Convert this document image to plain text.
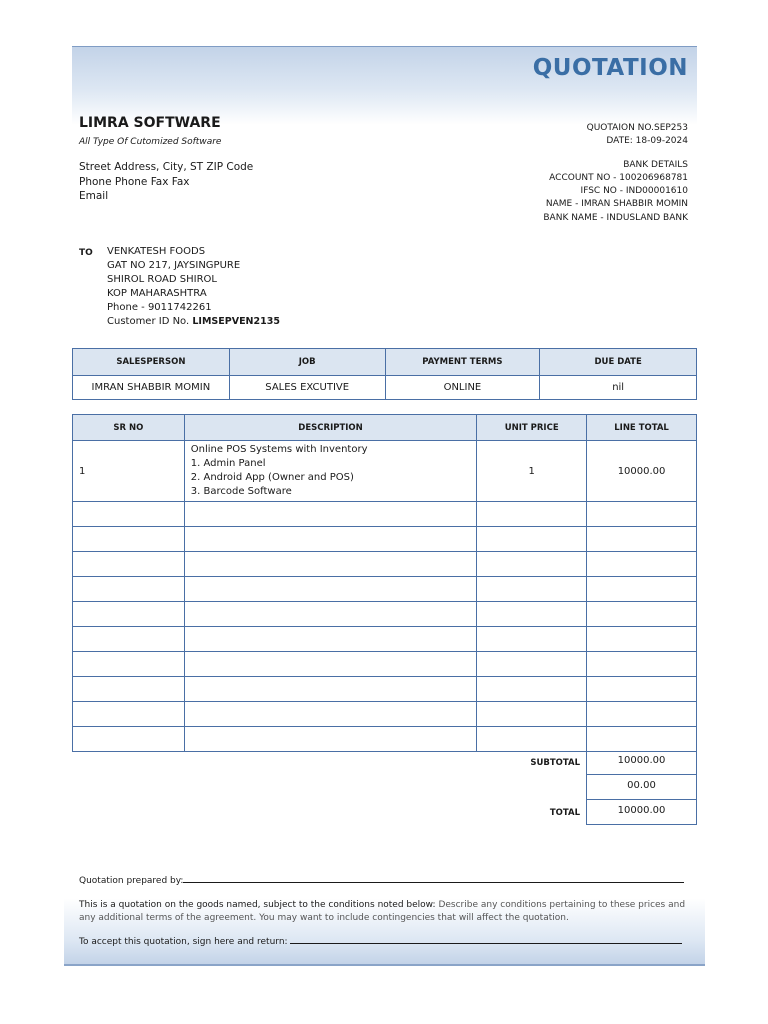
QUOTATION
LIMRA SOFTWARE
All Type Of Cutomized Software
Street Address, City, ST ZIP Code
Phone Phone Fax Fax
Email
QUOTAION NO.SEP253
DATE: 18-09-2024
BANK DETAILS
ACCOUNT NO - 100206968781
IFSC NO - IND00001610
NAME - IMRAN SHABBIR MOMIN
BANK NAME - INDUSLAND BANK
TO VENKATESH FOODS
GAT NO 217, JAYSINGPURE
SHIROL ROAD SHIROL
KOP MAHARASHTRA
Phone - 9011742261
Customer ID No. LIMSEPVEN2135
SALESPERSON	JOB	PAYMENT TERMS	DUE DATE
IMRAN SHABBIR MOMIN	SALES EXCUTIVE	ONLINE	nil
SR NO	DESCRIPTION	UNIT PRICE	LINE TOTAL
1	Online POS Systems with Inventory
1. Admin Panel
2. Android App (Owner and POS)
3. Barcode Software	1	10000.00

SUBTOTAL	10000.00
00.00
TOTAL	10000.00
Quotation prepared by:
This is a quotation on the goods named, subject to the conditions noted below: Describe any conditions pertaining to these prices and any additional terms of the agreement. You may want to include contingencies that will affect the quotation.
To accept this quotation, sign here and return:
